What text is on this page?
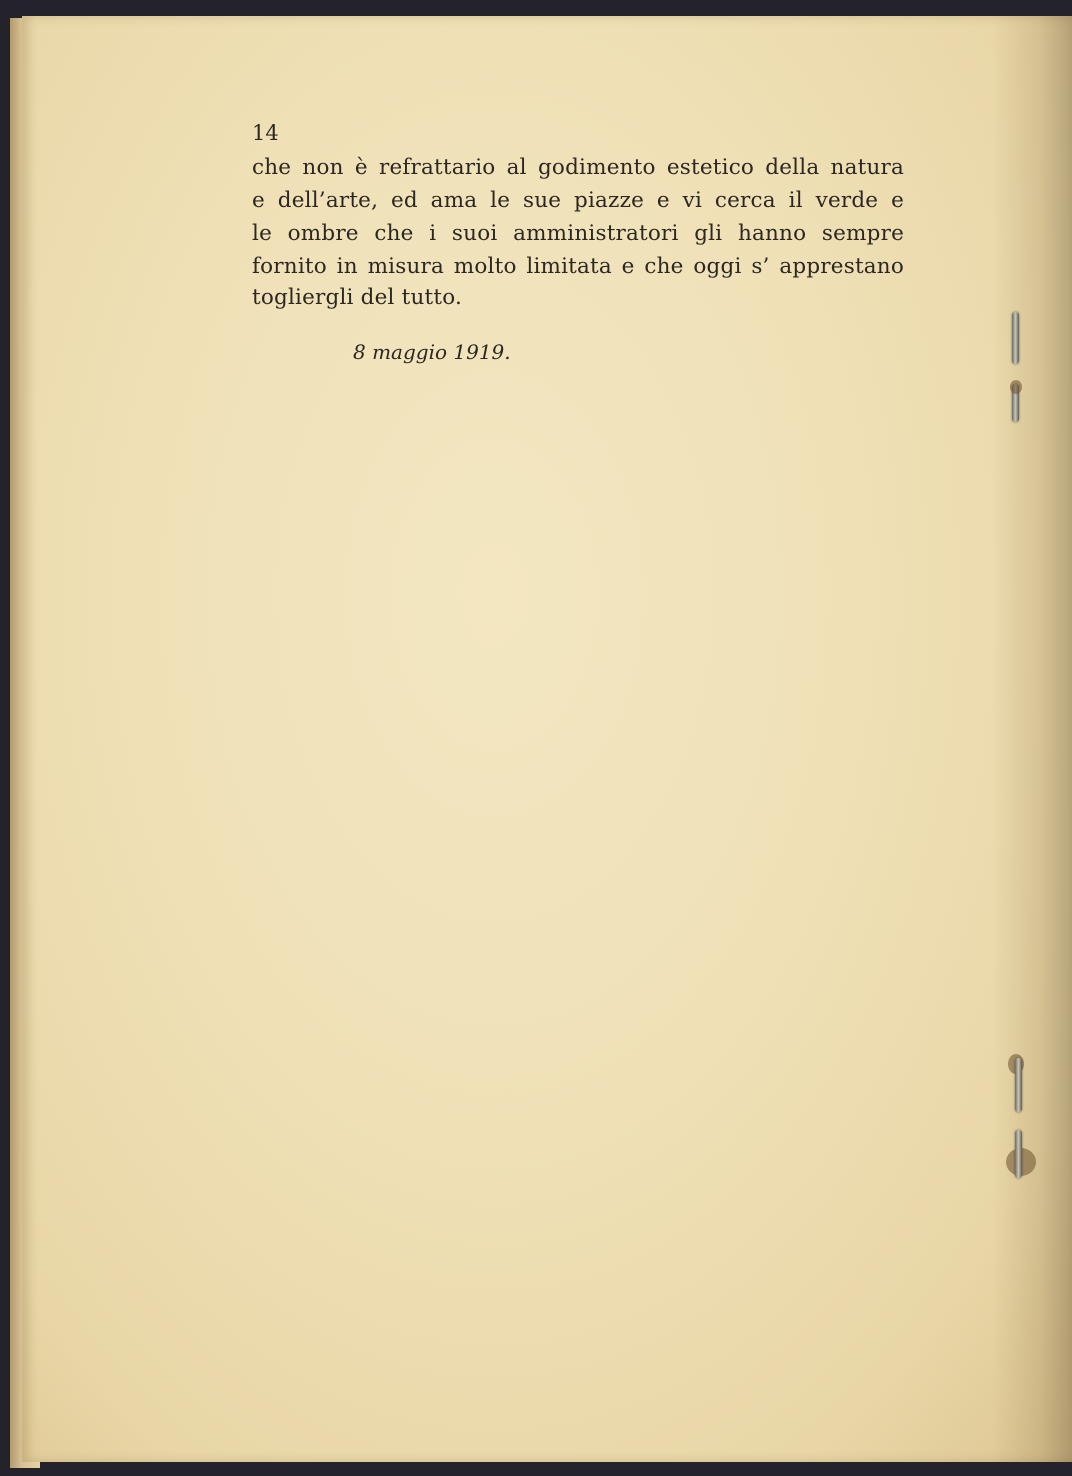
14
che non è refrattario al godimento estetico della natura
e dell’arte, ed ama le sue piazze e vi cerca il verde e
le ombre che i suoi amministratori gli hanno sempre
fornito in misura molto limitata e che oggi s’ apprestano
togliergli del tutto.
8 maggio 1919.
